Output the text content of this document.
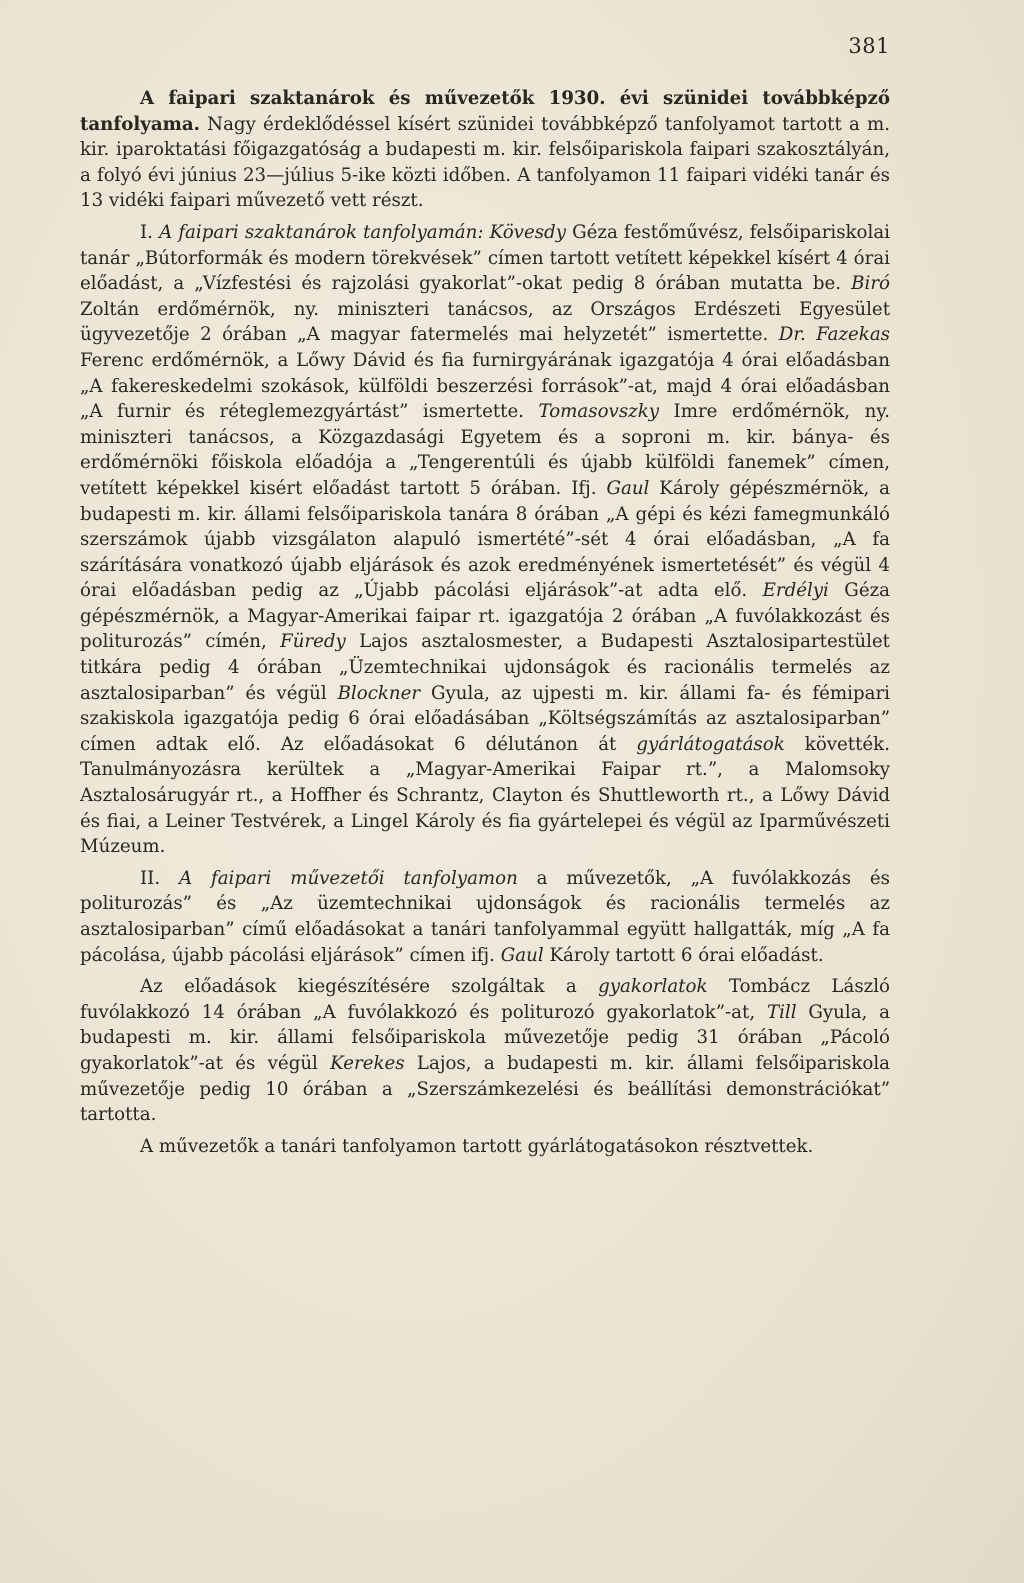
381

A faipari szaktanárok és művezetők 1930. évi szünidei továbbképző tanfolyama. Nagy érdeklődéssel kísért szünidei továbbképző tanfolyamot tartott a m. kir. iparoktatási főigazgatóság a budapesti m. kir. felsőipariskola faipari szakosztályán, a folyó évi június 23—július 5-ike közti időben. A tanfolyamon 11 faipari vidéki tanár és 13 vidéki faipari művezető vett részt.

I. A faipari szaktanárok tanfolyamán: Kövesdy Géza festőművész, felsőipariskolai tanár „Bútorformák és modern törekvések” címen tartott vetített képekkel kísért 4 órai előadást, a „Vízfestési és rajzolási gyakorlat”-okat pedig 8 órában mutatta be. Biró Zoltán erdőmérnök, ny. miniszteri tanácsos, az Országos Erdészeti Egyesület ügyvezetője 2 órában „A magyar fatermelés mai helyzetét” ismertette. Dr. Fazekas Ferenc erdőmérnök, a Lőwy Dávid és fia furnirgyárának igazgatója 4 órai előadásban „A fakereskedelmi szokások, külföldi beszerzési források”-at, majd 4 órai előadásban „A furnir és réteglemezgyártást” ismertette. Tomasovszky Imre erdőmérnök, ny. miniszteri tanácsos, a Közgazdasági Egyetem és a soproni m. kir. bánya- és erdőmérnöki főiskola előadója a „Tengerentúli és újabb külföldi fanemek” címen, vetített képekkel kisért előadást tartott 5 órában. Ifj. Gaul Károly gépészmérnök, a budapesti m. kir. állami felsőipariskola tanára 8 órában „A gépi és kézi famegmunkáló szerszámok újabb vizsgálaton alapuló ismertété”-sét 4 órai előadásban, „A fa szárítására vonatkozó újabb eljárások és azok eredményének ismertetését” és végül 4 órai előadásban pedig az „Újabb pácolási eljárások”-at adta elő. Erdélyi Géza gépészmérnök, a Magyar-Amerikai faipar rt. igazgatója 2 órában „A fuvólakkozást és politurozás” címén, Füredy Lajos asztalosmester, a Budapesti Asztalosipartestület titkára pedig 4 órában „Üzemtechnikai ujdonságok és racionális termelés az asztalosiparban” és végül Blockner Gyula, az ujpesti m. kir. állami fa- és fémipari szakiskola igazgatója pedig 6 órai előadásában „Költségszámítás az asztalosiparban” címen adtak elő. Az előadásokat 6 délutánon át gyárlátogatások követték. Tanulmányozásra kerültek a „Magyar-Amerikai Faipar rt.”, a Malomsoky Asztalosárugyár rt., a Hoffher és Schrantz, Clayton és Shuttleworth rt., a Lőwy Dávid és fiai, a Leiner Testvérek, a Lingel Károly és fia gyártelepei és végül az Iparművészeti Múzeum.

II. A faipari művezetői tanfolyamon a művezetők, „A fuvólakkozás és politurozás” és „Az üzemtechnikai ujdonságok és racionális termelés az asztalosiparban” című előadásokat a tanári tanfolyammal együtt hallgatták, míg „A fa pácolása, újabb pácolási eljárások” címen ifj. Gaul Károly tartott 6 órai előadást.

Az előadások kiegészítésére szolgáltak a gyakorlatok Tombácz László fuvólakkozó 14 órában „A fuvólakkozó és politurozó gyakorlatok”-at, Till Gyula, a budapesti m. kir. állami felsőipariskola művezetője pedig 31 órában „Pácoló gyakorlatok”-at és végül Kerekes Lajos, a budapesti m. kir. állami felsőipariskola művezetője pedig 10 órában a „Szerszámkezelési és beállítási demonstrációkat” tartotta.

A művezetők a tanári tanfolyamon tartott gyárlátogatásokon résztvettek.
